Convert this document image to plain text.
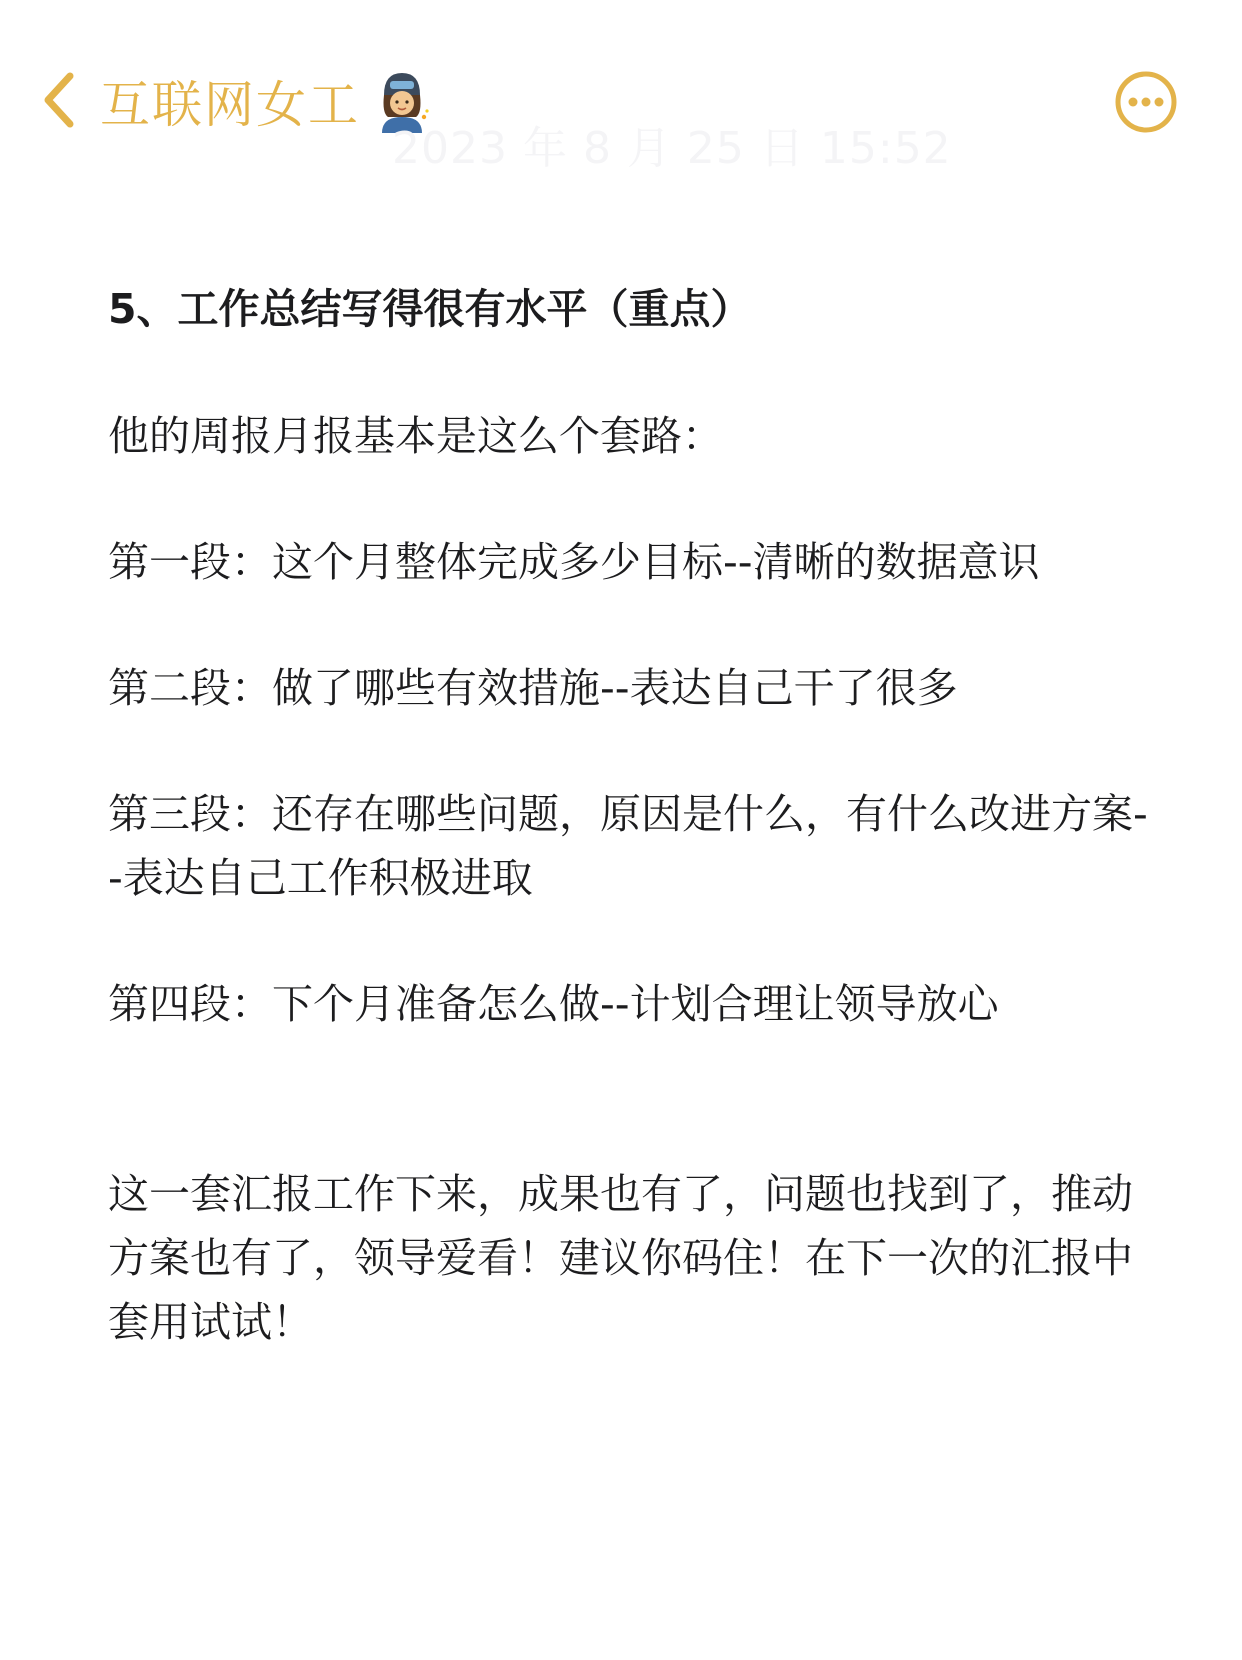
互联网女工
2023 年 8 月 25 日 15:52

5、工作总结写得很有水平（重点）

他的周报月报基本是这么个套路：

第一段：这个月整体完成多少目标--清晰的数据意识

第二段：做了哪些有效措施--表达自己干了很多

第三段：还存在哪些问题，原因是什么，有什么改进方案--表达自己工作积极进取

第四段：下个月准备怎么做--计划合理让领导放心

这一套汇报工作下来，成果也有了，问题也找到了，推动方案也有了，领导爱看！建议你码住！在下一次的汇报中套用试试！
